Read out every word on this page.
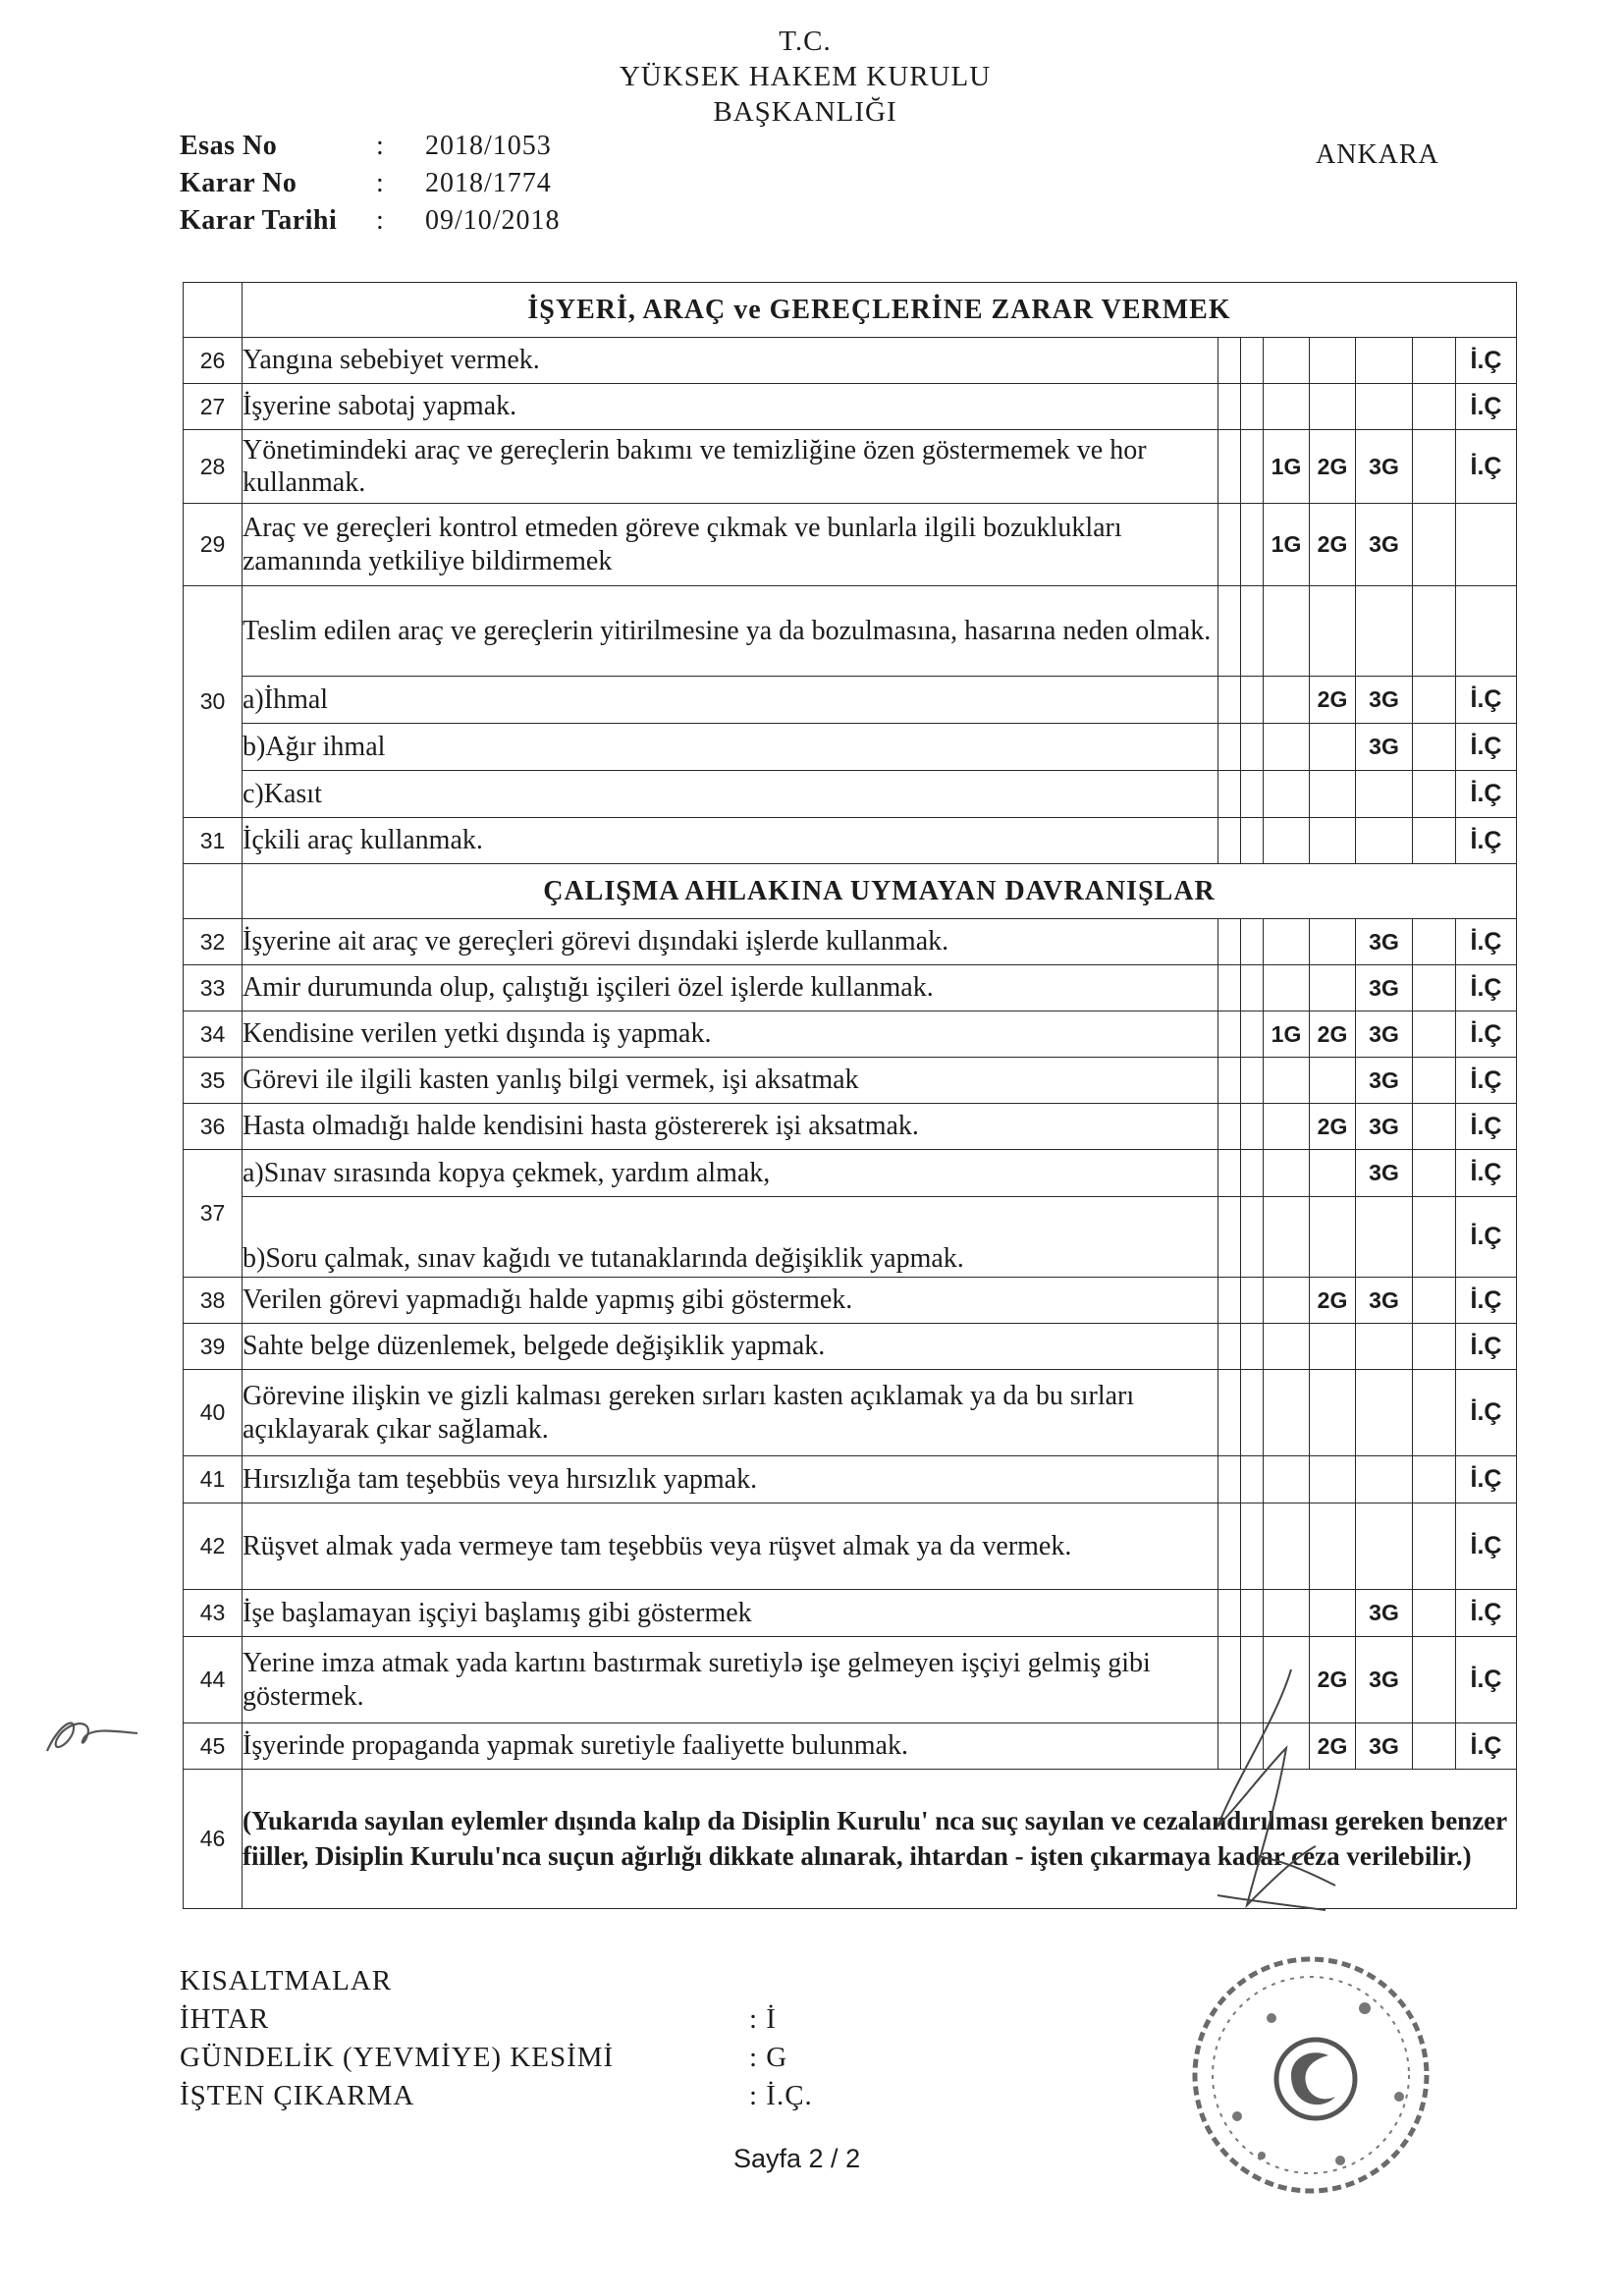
T.C.
YÜKSEK HAKEM KURULU
BAŞKANLIĞI
Esas No	: 2018/1053
Karar No	: 2018/1774
Karar Tarihi : 09/10/2018
ANKARA
	İŞYERİ, ARAÇ ve GEREÇLERİNE ZARAR VERMEK							
26	Yangına sebebiyet vermek.							İ.Ç
27	İşyerine sabotaj yapmak.							İ.Ç
28	Yönetimindeki araç ve gereçlerin bakımı ve temizliğine özen göstermemek ve hor kullanmak.			1G	2G	3G		İ.Ç
29	Araç ve gereçleri kontrol etmeden göreve çıkmak ve bunlarla ilgili bozuklukları zamanında yetkiliye bildirmemek			1G	2G	3G		
30	Teslim edilen araç ve gereçlerin yitirilmesine ya da bozulmasına, hasarına neden olmak.							
	a)İhmal				2G	3G		İ.Ç
	b)Ağır ihmal					3G		İ.Ç
	c)Kasıt							İ.Ç
31	İçkili araç kullanmak.							İ.Ç
	ÇALIŞMA AHLAKINA UYMAYAN DAVRANIŞLAR							
32	İşyerine ait araç ve gereçleri görevi dışındaki işlerde kullanmak.					3G		İ.Ç
33	Amir durumunda olup, çalıştığı işçileri özel işlerde kullanmak.					3G		İ.Ç
34	Kendisine verilen yetki dışında iş yapmak.			1G	2G	3G		İ.Ç
35	Görevi ile ilgili kasten yanlış bilgi vermek, işi aksatmak					3G		İ.Ç
36	Hasta olmadığı halde kendisini hasta göstererek işi aksatmak.				2G	3G		İ.Ç
37	a)Sınav sırasında kopya çekmek, yardım almak,					3G		İ.Ç
	b)Soru çalmak, sınav kağıdı ve tutanaklarında değişiklik yapmak.							İ.Ç
38	Verilen görevi yapmadığı halde yapmış gibi göstermek.				2G	3G		İ.Ç
39	Sahte belge düzenlemek, belgede değişiklik yapmak.							İ.Ç
40	Görevine ilişkin ve gizli kalması gereken sırları kasten açıklamak ya da bu sırları açıklayarak çıkar sağlamak.							İ.Ç
41	Hırsızlığa tam teşebbüs veya hırsızlık yapmak.							İ.Ç
42	Rüşvet almak yada vermeye tam teşebbüs veya rüşvet almak ya da vermek.							İ.Ç
43	İşe başlamayan işçiyi başlamış gibi göstermek					3G		İ.Ç
44	Yerine imza atmak yada kartını bastırmak suretiylə işe gelmeyen işçiyi gelmiş gibi göstermek.				2G	3G		İ.Ç
45	İşyerinde propaganda yapmak suretiyle faaliyette bulunmak.				2G	3G		İ.Ç
46	(Yukarıda sayılan eylemler dışında kalıp da Disiplin Kurulu' nca suç sayılan ve cezalandırılması gereken benzer fiiller, Disiplin Kurulu'nca suçun ağırlığı dikkate alınarak, ihtardan - işten çıkarmaya kadar ceza verilebilir.)							
KISALTMALAR
İHTAR	: İ
GÜNDELİK (YEVMİYE) KESİMİ	: G
İŞTEN ÇIKARMA	: İ.Ç.
Sayfa 2 / 2
